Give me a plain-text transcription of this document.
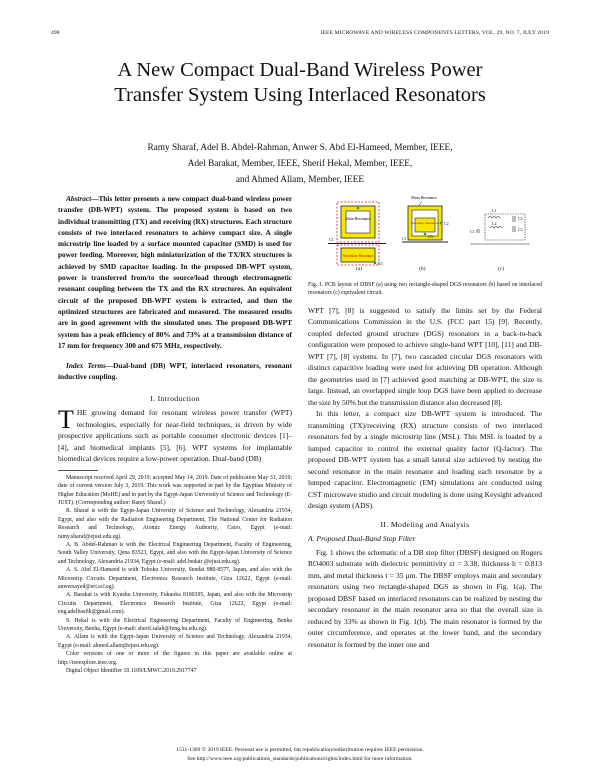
498	IEEE MICROWAVE AND WIRELESS COMPONENTS LETTERS, VOL. 29, NO. 7, JULY 2019
A New Compact Dual-Band Wireless Power Transfer System Using Interlaced Resonators
Ramy Sharaf, Adel B. Abdel-Rahman, Anwer S. Abd El-Hameed, Member, IEEE,
Adel Barakat, Member, IEEE, Sherif Hekal, Member, IEEE,
and Ahmed Allam, Member, IEEE

Abstract—This letter presents a new compact dual-band wireless power transfer (DB-WPT) system. The proposed system is based on two individual transmitting (TX) and receiving (RX) structures. Each structure consists of two interlaced resonators to achieve compact size. A single microstrip line loaded by a surface mounted capacitor (SMD) is used for power feeding. Moreover, high miniaturization of the TX/RX structures is achieved by SMD capacitor loading. In the proposed DB-WPT system, power is transferred from/to the source/load through electromagnetic resonant coupling between the TX and the RX structures. An equivalent circuit of the proposed DB-WPT system is extracted, and then the optimized structures are fabricated and measured. The measured results are in good agreement with the simulated ones. The proposed DB-WPT system has a peak efficiency of 80% and 73% at a transmission distance of 17 mm for frequency 300 and 675 MHz, respectively.

Index Terms—Dual-band (DB) WPT, interlaced resonators, resonant inductive coupling.

I. Introduction

THE growing demand for resonant wireless power transfer (WPT) technologies, especially for near-field techniques, is driven by wide prospective applications such as portable consumer electronic devices [1]–[4], and biomedical implants [5], [6]. WPT systems for implantable biomedical devices require a low-power operation. Dual-band (DB)

Manuscript received April 29, 2019; accepted May 14, 2019. Date of publication May 31, 2019; date of current version July 3, 2019. This work was supported in part by the Egyptian Ministry of Higher Education (MoHE) and in part by the Egypt-Japan University of Science and Technology (E-JUST). (Corresponding author: Ramy Sharaf.)

R. Sharaf is with the Egypt-Japan University of Science and Technology, Alexandria 21934, Egypt, and also with the Radiation Engineering Department, The National Center for Radiation Research and Technology, Atomic Energy Authority, Cairo, Egypt (e-mail: ramy.sharaf@ejust.edu.eg).

A. B. Abdel-Rahman is with the Electrical Engineering Department, Faculty of Engineering, South Valley University, Qena 83523, Egypt, and also with the Egypt-Japan University of Science and Technology, Alexandria 21934, Egypt (e-mail: adel.bedair @ejust.edu.eg).

A. S. Abd El-Hameed is with Tohoku University, Sendai 980-8577, Japan, and also with the Microstrip Circuits Department, Electronics Research Institute, Giza 12622, Egypt (e-mail: anwersayed@eri.sci.eg).

A. Barakat is with Kyushu University, Fukuoka 8190395, Japan, and also with the Microstrip Circuits Department, Electronics Research Institute, Giza 12622, Egypt (e-mail: eng.adelbasfik@gmail.com).

S. Hekal is with the Electrical Engineering Department, Faculty of Engineering, Benha University, Benha, Egypt (e-mail: sherif.salah@feng.bu.edu.eg).

A. Allam is with the Egypt-Japan University of Science and Technology, Alexandria 21934, Egypt (e-mail: ahmed.allam@ejust.edu.eg).

Color versions of one or more of the figures in this paper are available online at http://ieeexplore.ieee.org.

Digital Object Identifier 10.1109/LMWC.2019.2917747

Main Resonator
Secondary Resonator
C1
C3
Main Resonator
Secondary Resonator
C1
C2
C3
L1
L2
C2
C3
C1
(a)	(b)	(c)

Fig. 1. PCB layout of DBSF (a) using two rectangle-shaped DGS resonators (b) based on interlaced resonators (c) equivalent circuit.

WPT [7], [8] is suggested to satisfy the limits set by the Federal Communications Commission in the U.S. (FCC part 15) [9]. Recently, coupled defected ground structure (DGS) resonators in a back-to-back configuration were proposed to achieve single-band WPT [10], [11] and DB-WPT [7], [8] systems. In [7], two cascaded circular DGS resonators with distinct capacitive loading were used for achieving DB operation. Although the geometries used in [7] achieved good matching at DB-WPT, the size is large. Instead, an overlapped single loop DGS have been applied to decrease the size by 50% but the transmission distance also decreased [8].

In this letter, a compact size DB-WPT system is introduced. The transmitting (TX)/receiving (RX) structure consists of two interlaced resonators fed by a single microstrip line (MSL). This MSL is loaded by a lumped capacitor to control the external quality factor (Q-factor). The proposed DB-WPT system has a small lateral size achieved by nesting the second resonator in the main resonator and loading each resonator by a lumped capacitor. Electromagnetic (EM) simulations are conducted using CST microwave studio and circuit modeling is done using Keysight advanced design system (ADS).

II. Modeling and Analysis
A. Proposed Dual-Band Stop Filter

Fig. 1 shows the schematic of a DB stop filter (DBSF) designed on Rogers RO4003 substrate with dielectric permittivity εr = 3.38, thickness h = 0.813 mm, and metal thickness t = 35 μm. The DBSF employs main and secondary resonators using two rectangle-shaped DGS as shown in Fig. 1(a). The proposed DBSF based on interlaced resonators can be realized by nesting the secondary resonator in the main resonator area so that the overall size is reduced by 33% as shown in Fig. 1(b). The main resonator is formed by the outer circumference, and operates at the lower band, and the secondary resonator is formed by the inner one and

1531-1309 © 2019 IEEE. Personal use is permitted, but republication/redistribution requires IEEE permission.
See http://www.ieee.org/publications_standards/publications/rights/index.html for more information.
